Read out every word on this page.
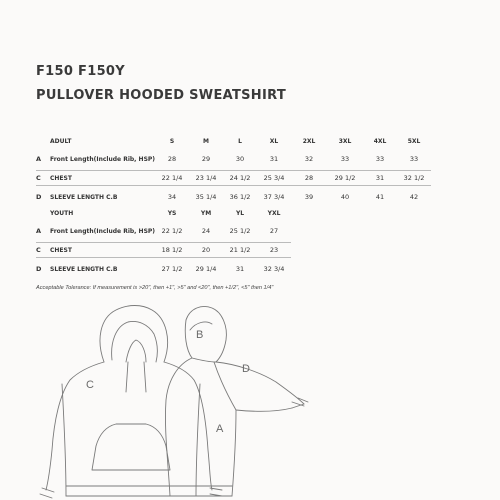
F150 F150Y
PULLOVER HOODED SWEATSHIRT
	ADULT	S	M	L	XL	2XL	3XL	4XL	5XL
A	Front Length(Include Rib, HSP)	28	29	30	31	32	33	33	33
C	CHEST	22 1/4	23 1/4	24 1/2	25 3/4	28	29 1/2	31	32 1/2
D	SLEEVE LENGTH C.B	34	35 1/4	36 1/2	37 3/4	39	40	41	42
	YOUTH	YS	YM	YL	YXL
A	Front Length(Include Rib, HSP)	22 1/2	24	25 1/2	27
C	CHEST	18 1/2	20	21 1/2	23
D	SLEEVE LENGTH C.B	27 1/2	29 1/4	31	32 3/4
Acceptable Tolerance: If measurement is >20", then +1", >5" and <20", then +1/2", <5" then 1/4"
C
B
D
A
